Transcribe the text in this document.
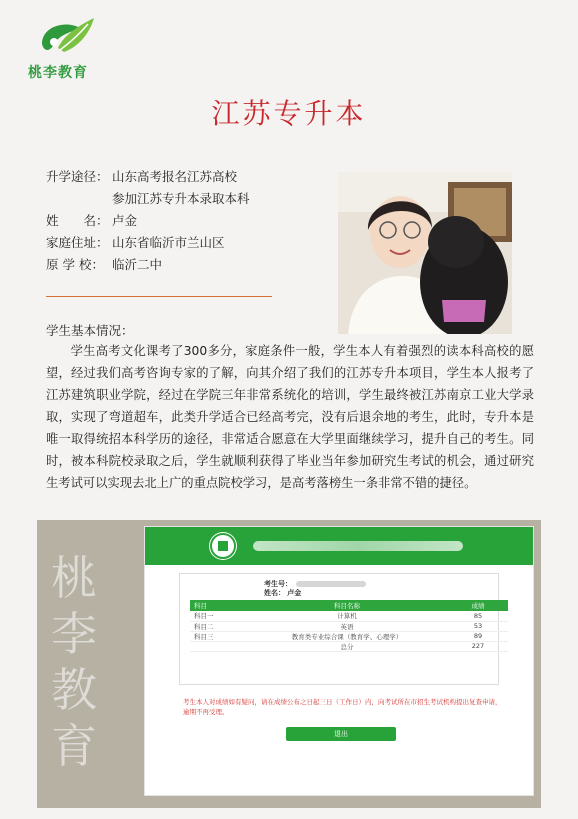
桃李教育
江苏专升本
升学途径： 山东高考报名江苏高校
参加江苏专升本录取本科
姓　　名： 卢金
家庭住址： 山东省临沂市兰山区
原 学 校： 临沂二中
学生基本情况：

学生高考文化课考了300多分，家庭条件一般，学生本人有着强烈的读本科高校的愿望，经过我们高考咨询专家的了解，向其介绍了我们的江苏专升本项目，学生本人报考了江苏建筑职业学院，经过在学院三年非常系统化的培训，学生最终被江苏南京工业大学录取，实现了弯道超车，此类升学适合已经高考完，没有后退余地的考生，此时，专升本是唯一取得统招本科学历的途径，非常适合愿意在大学里面继续学习，提升自己的考生。同时，被本科院校录取之后，学生就顺利获得了毕业当年参加研究生考试的机会，通过研究生考试可以实现去北上广的重点院校学习，是高考落榜生一条非常不错的捷径。

桃
李
教
育
考生号：
姓名： 卢金
科目	科目名称	成绩
科目一	计算机	85
科目二	英语	53
科目三	教育类专业综合课（教育学、心理学）	89
	总分	227
考生本人对成绩如有疑问，请在成绩公布之日起三日（工作日）内，向考试所在市招生考试机构提出复查申请，逾期不再受理。
退出
